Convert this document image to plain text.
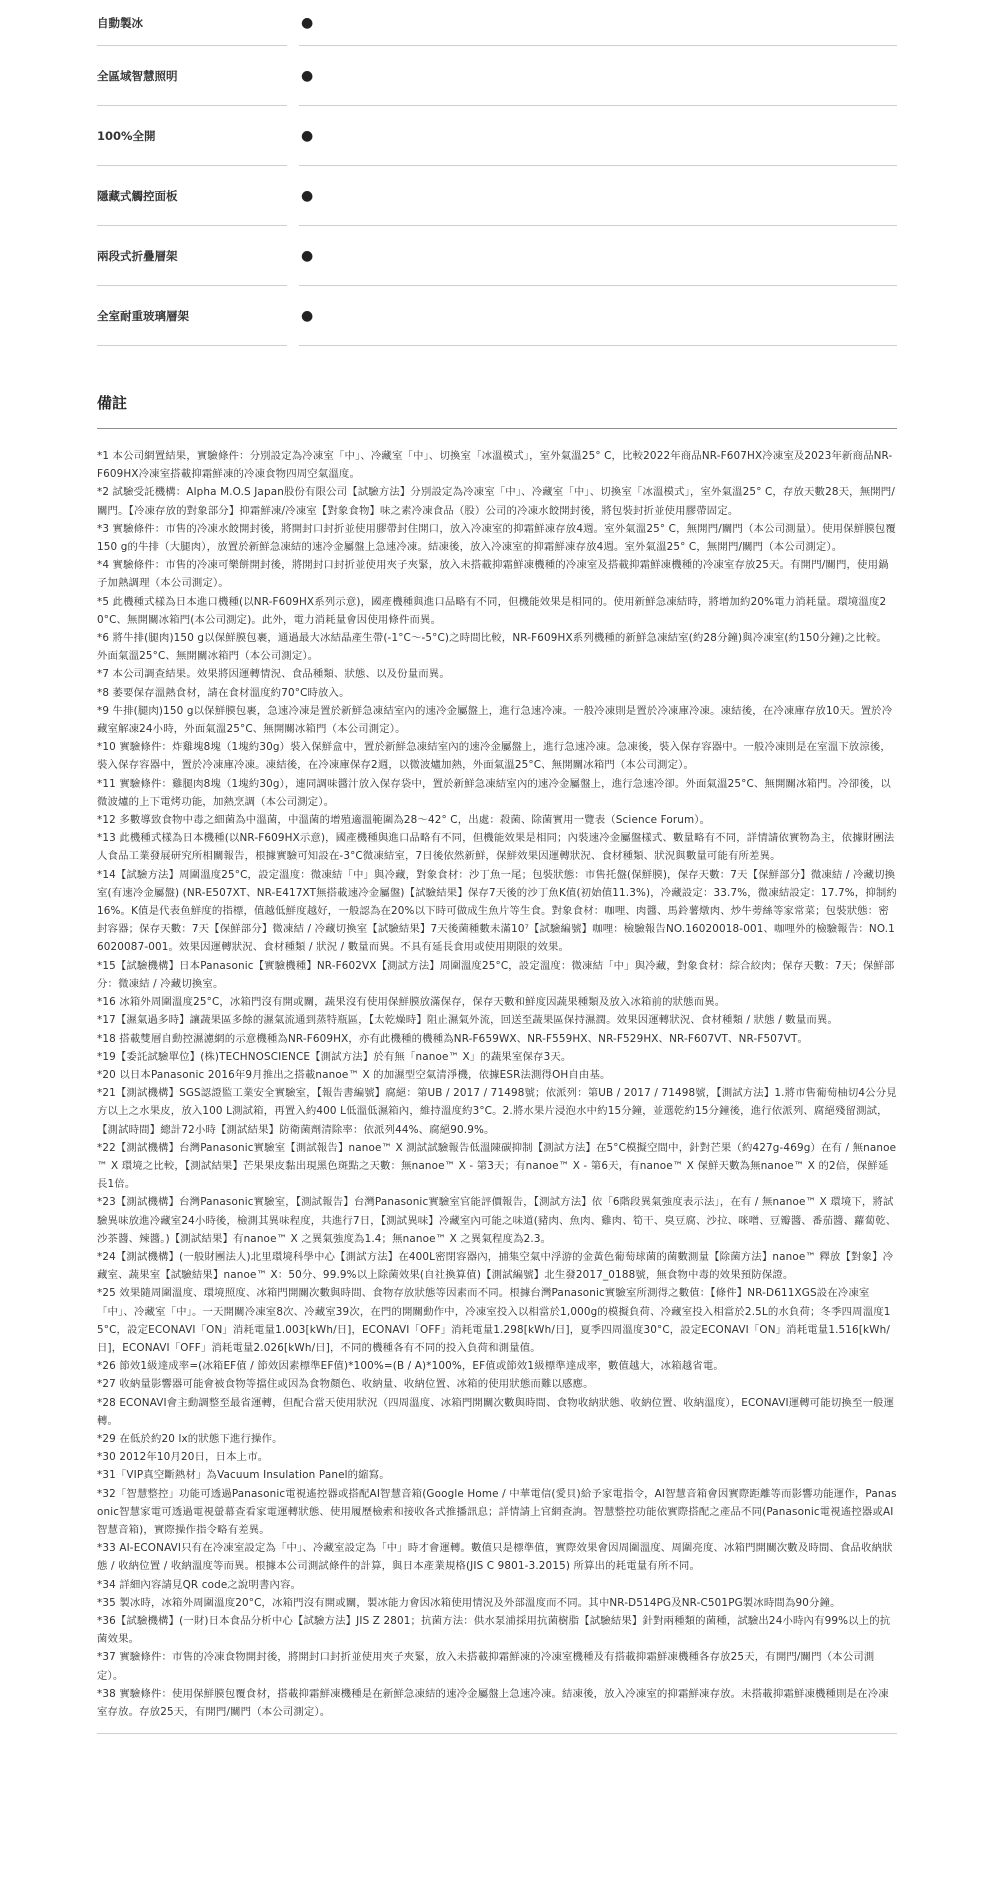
自動製冰	●
全區域智慧照明	●
100%全開	●
隱藏式觸控面板	●
兩段式折疊層架	●
全室耐重玻璃層架	●
備註

*1 本公司網置結果，實驗條件：分別設定為冷凍室「中」、冷藏室「中」、切換室「冰溫模式」，室外氣溫25° C，比較2022年商品NR-F607HX冷凍室及2023年新商品NR-F609HX冷凍室搭載抑霜鮮凍的冷凍食物四周空氣溫度。

*2 試驗受託機構：Alpha M.O.S Japan股份有限公司【試驗方法】分別設定為冷凍室「中」、冷藏室「中」、切換室「冰溫模式」，室外氣溫25° C，存放天數28天，無開門/關門。【冷凍存放的對象部分】抑霜鮮凍/冷凍室【對象食物】味之素冷凍食品（股）公司的冷凍水餃開封後，將包裝封折並使用膠帶固定。

*3 實驗條件：市售的冷凍水餃開封後，將開封口封折並使用膠帶封住開口，放入冷凍室的抑霜鮮凍存放4週。室外氣溫25° C，無開門/關門（本公司測量）。使用保鮮膜包覆150 g的牛排（大腿肉），放置於新鮮急凍結的速冷金屬盤上急速冷凍。結凍後，放入冷凍室的抑霜鮮凍存放4週。室外氣溫25° C，無開門/關門（本公司測定）。

*4 實驗條件：市售的冷凍可樂餅開封後，將開封口封折並使用夾子夾緊，放入未搭載抑霜鮮凍機種的冷凍室及搭載抑霜鮮凍機種的冷凍室存放25天。有開門/關門，使用鍋子加熱調理（本公司測定）。

*5 此機種式樣為日本進口機種(以NR-F609HX系列示意)，國產機種與進口品略有不同，但機能效果是相同的。使用新鮮急凍結時，將增加約20%電力消耗量。環境溫度20°C、無開關冰箱門(本公司測定)。此外，電力消耗量會因使用條件而異。

*6 將牛排(腿肉)150 g以保鮮膜包裹，通過最大冰結晶產生帶(-1°C～-5°C)之時間比較，NR-F609HX系列機種的新鮮急凍結室(約28分鐘)與冷凍室(約150分鐘)之比較。外面氣溫25°C、無開關冰箱門（本公司測定）。

*7 本公司調查結果。效果將因運轉情況、食品種類、狀態、以及份量而異。

*8 萎要保存溫熱食材，請在食材溫度約70°C時放入。

*9 牛排(腿肉)150 g以保鮮膜包裹，急速冷凍是置於新鮮急凍結室內的速冷金屬盤上，進行急速冷凍。一般冷凍則是置於冷凍庫冷凍。凍結後，在冷凍庫存放10天。置於冷藏室解凍24小時，外面氣溫25°C、無開關冰箱門（本公司測定）。

*10 實驗條件：炸雞塊8塊（1塊約30g）裝入保鮮盒中，置於新鮮急凍結室內的速冷金屬盤上，進行急速冷凍。急凍後，裝入保存容器中。一般冷凍則是在室溫下放涼後，裝入保存容器中，置於冷凍庫冷凍。凍結後，在冷凍庫保存2週，以微波爐加熱，外面氣溫25°C、無開關冰箱門（本公司測定）。

*11 實驗條件：雞腿肉8塊（1塊約30g），連同調味醬汁放入保存袋中，置於新鮮急凍結室內的速冷金屬盤上，進行急速冷卻。外面氣溫25°C、無開關冰箱門。冷卻後，以微波爐的上下電烤功能，加熱烹調（本公司測定）。

*12 多數導致食物中毒之細菌為中溫菌，中溫菌的增殖適溫範圍為28～42° C，出處：殺菌、除菌實用一覽表（Science Forum）。

*13 此機種式樣為日本機種(以NR-F609HX示意)，國產機種與進口品略有不同，但機能效果是相同；內裝速冷金屬盤樣式、數量略有不同，詳情請依實物為主，依據財團法人食品工業發展研究所相關報告，根據實驗可知設在-3°C微凍結室，7日後依然新鮮，保鮮效果因運轉狀況、食材種類、狀況與數量可能有所差異。

*14【試驗方法】周圍溫度25°C，設定溫度：微凍結「中」與冷藏，對象食材：沙丁魚一尾；包裝狀態：市售托盤(保鮮膜)，保存天數：7天【保鮮部分】微凍結 / 冷藏切換室(有速冷金屬盤) (NR-E507XT、NR-E417XT無搭載速冷金屬盤)【試驗結果】保存7天後的沙丁魚K值(初始值11.3%)，冷藏設定：33.7%，微凍結設定：17.7%，抑制約16%。K值是代表鱼鮮度的指標，值越低鮮度越好，一般認為在20%以下時可做成生魚片等生食。對象食材：咖哩、肉醬、馬鈴薯燉肉、炒牛蒡絲等家常菜；包裝狀態：密封容器；保存天數：7天【保鮮部分】微凍結 / 冷藏切換室【試驗結果】7天後菌種數未滿10⁷【試驗編號】咖哩：檢驗報告NO.16020018-001、咖哩外的檢驗報告：NO.16020087-001。效果因運轉狀況、食材種類 / 狀況 / 數量而異。不具有延長食用或使用期限的效果。

*15【試驗機構】日本Panasonic【實驗機種】NR-F602VX【測試方法】周圍溫度25°C，設定溫度：微凍結「中」與冷藏，對象食材：綜合絞肉；保存天數：7天；保鮮部分：微凍結 / 冷藏切換室。

*16 冰箱外周圍溫度25°C，冰箱門沒有開或關，蔬果沒有使用保鮮膜放滿保存，保存天數和鮮度因蔬果種類及放入冰箱前的狀態而異。

*17【濕氣過多時】讓蔬果區多餘的濕氣流通到蒸特瓶區，【太乾燥時】阻止濕氣外流，回送至蔬果區保持濕潤。效果因運轉狀況、食材種類 / 狀態 / 數量而異。

*18 搭載雙層自動控濕濾網的示意機種為NR-F609HX，亦有此機種的機種為NR-F659WX、NR-F559HX、NR-F529HX、NR-F607VT、NR-F507VT。

*19【委託試驗單位】(株)TECHNOSCIENCE【測試方法】於有無「nanoe™ X」的蔬果室保存3天。

*20 以日本Panasonic 2016年9月推出之搭載nanoe™ X 的加濕型空氣清淨機，依據ESR法測得OH自由基。

*21【測試機構】SGS認證監工業安全實驗室，【報告書編號】腐絕：第UB / 2017 / 71498號；依派列：第UB / 2017 / 71498號，【測試方法】1.將市售葡萄柚切4公分見方以上之水果皮，放入100 L測試箱，再置入約400 L低溫低濕箱內，維持溫度約3°C。2.將水果片浸泡水中約15分鐘，並選乾約15分鐘後，進行依派列、腐絕殘留測試，【測試時間】總計72小時【測試結果】防衛菌劑清除率：依派列44%、腐絕90.9%。

*22【測試機構】台灣Panasonic實驗室【測試報告】nanoe™ X 測試試驗報告低溫陳碳抑制【測試方法】在5°C模擬空間中，針對芒果（約427g-469g）在有 / 無nanoe™ X 環境之比較，【測試結果】芒果果皮黏出現黑色斑點之天數：無nanoe™ X - 第3天；有nanoe™ X - 第6天，有nanoe™ X 保鮮天數為無nanoe™ X 的2倍，保鮮延長1倍。

*23【測試機構】台灣Panasonic實驗室，【測試報告】台灣Panasonic實驗室官能評價報告，【測試方法】依「6階段異氣強度表示法」，在有 / 無nanoe™ X 環境下，將試驗異味放進冷藏室24小時後，檢測其異味程度，共進行7日，【測試異味】冷藏室內可能之味道(豬肉、魚肉、雞肉、筍干、臭豆腐、沙拉、咪噌、豆瓣醬、番茄醬、蘿蔔乾、沙茶醬、辣醬。)【測試結果】有nanoe™ X 之異氣強度為1.4；無nanoe™ X 之異氣程度為2.3。

*24【測試機構】(一般財團法人)北里環境科學中心【測試方法】在400L密閉容器內，捕集空氣中浮游的金黃色葡萄球菌的菌數測量【除菌方法】nanoe™ 釋放【對象】冷藏室、蔬果室【試驗結果】nanoe™ X：50分、99.9%以上除菌效果(自社換算值)【測試編號】北生發2017_0188號，無食物中毒的效果預防保證。

*25 效果隨周圍溫度、環境照度、冰箱門開關次數與時間、食物存放狀態等因素而不同。根據台灣Panasonic實驗室所測得之數值：【條件】NR-D611XGS設在冷凍室「中」、冷藏室「中」。一天開關冷凍室8次、冷藏室39次，在門的開關動作中，冷凍室投入以相當於1,000g的模擬負荷、冷藏室投入相當於2.5L的水負荷；冬季四周溫度15°C，設定ECONAVI「ON」消耗電量1.003[kWh/日]，ECONAVI「OFF」消耗電量1.298[kWh/日]，夏季四周溫度30°C，設定ECONAVI「ON」消耗電量1.516[kWh/日]，ECONAVI「OFF」消耗電量2.026[kWh/日]，不同的機種各有不同的投入負荷和測量值。

*26 節效1級達成率=(冰箱EF值 / 節效因素標準EF值)*100%=(B / A)*100%，EF值或節效1級標準達成率，數值越大，冰箱越省電。

*27 收納量影響器可能會被食物等擋住或因為食物顏色、收納量、收納位置、冰箱的使用狀態而難以感應。

*28 ECONAVI會主動調整至最省運轉，但配合當天使用狀況（四周溫度、冰箱門開關次數與時間、食物收納狀態、收納位置、收納溫度），ECONAVI運轉可能切換至一般運轉。

*29 在低於約20 lx的狀態下進行操作。

*30 2012年10月20日，日本上市。

*31「VIP真空斷熱材」為Vacuum Insulation Panel的縮寫。

*32「智慧整控」功能可透過Panasonic電視遙控器或搭配AI智慧音箱(Google Home / 中華電信(愛貝)給予家電指令，AI智慧音箱會因實際距離等而影響功能運作，Panasonic智慧家電可透過電視螢幕查看家電運轉狀態、使用履歷檢索和接收各式推播訊息；詳情請上官網查詢。智慧整控功能依實際搭配之產品不同(Panasonic電視遙控器或AI智慧音箱)，實際操作指令略有差異。

*33 AI-ECONAVI只有在冷凍室設定為「中」、冷藏室設定為「中」時才會運轉。數值只是標準值，實際效果會因周圍溫度、周圍亮度、冰箱門開關次數及時間、食品收納狀態 / 收納位置 / 收納溫度等而異。根據本公司測試條件的計算，與日本產業規格(JIS C 9801-3.2015) 所算出的耗電量有所不同。

*34 詳細內容請見QR code之說明書內容。

*35 製冰時，冰箱外周圍溫度20°C，冰箱門沒有開或關，製冰能力會因冰箱使用情況及外部溫度而不同。其中NR-D514PG及NR-C501PG製冰時間為90分鐘。

*36【試驗機構】(一財)日本食品分析中心【試驗方法】JIS Z 2801；抗菌方法：供水泵浦採用抗菌樹脂【試驗結果】針對兩種類的菌種，試驗出24小時內有99%以上的抗菌效果。

*37 實驗條件：市售的冷凍食物開封後，將開封口封折並使用夾子夾緊，放入未搭載抑霜鮮凍的冷凍室機種及有搭載抑霜鮮凍機種各存放25天，有開門/關門（本公司測定）。

*38 實驗條件：使用保鮮膜包覆食材，搭載抑霜鮮凍機種是在新鮮急凍結的速冷金屬盤上急速冷凍。結凍後，放入冷凍室的抑霜鮮凍存放。未搭載抑霜鮮凍機種則是在冷凍室存放。存放25天，有開門/關門（本公司測定）。
